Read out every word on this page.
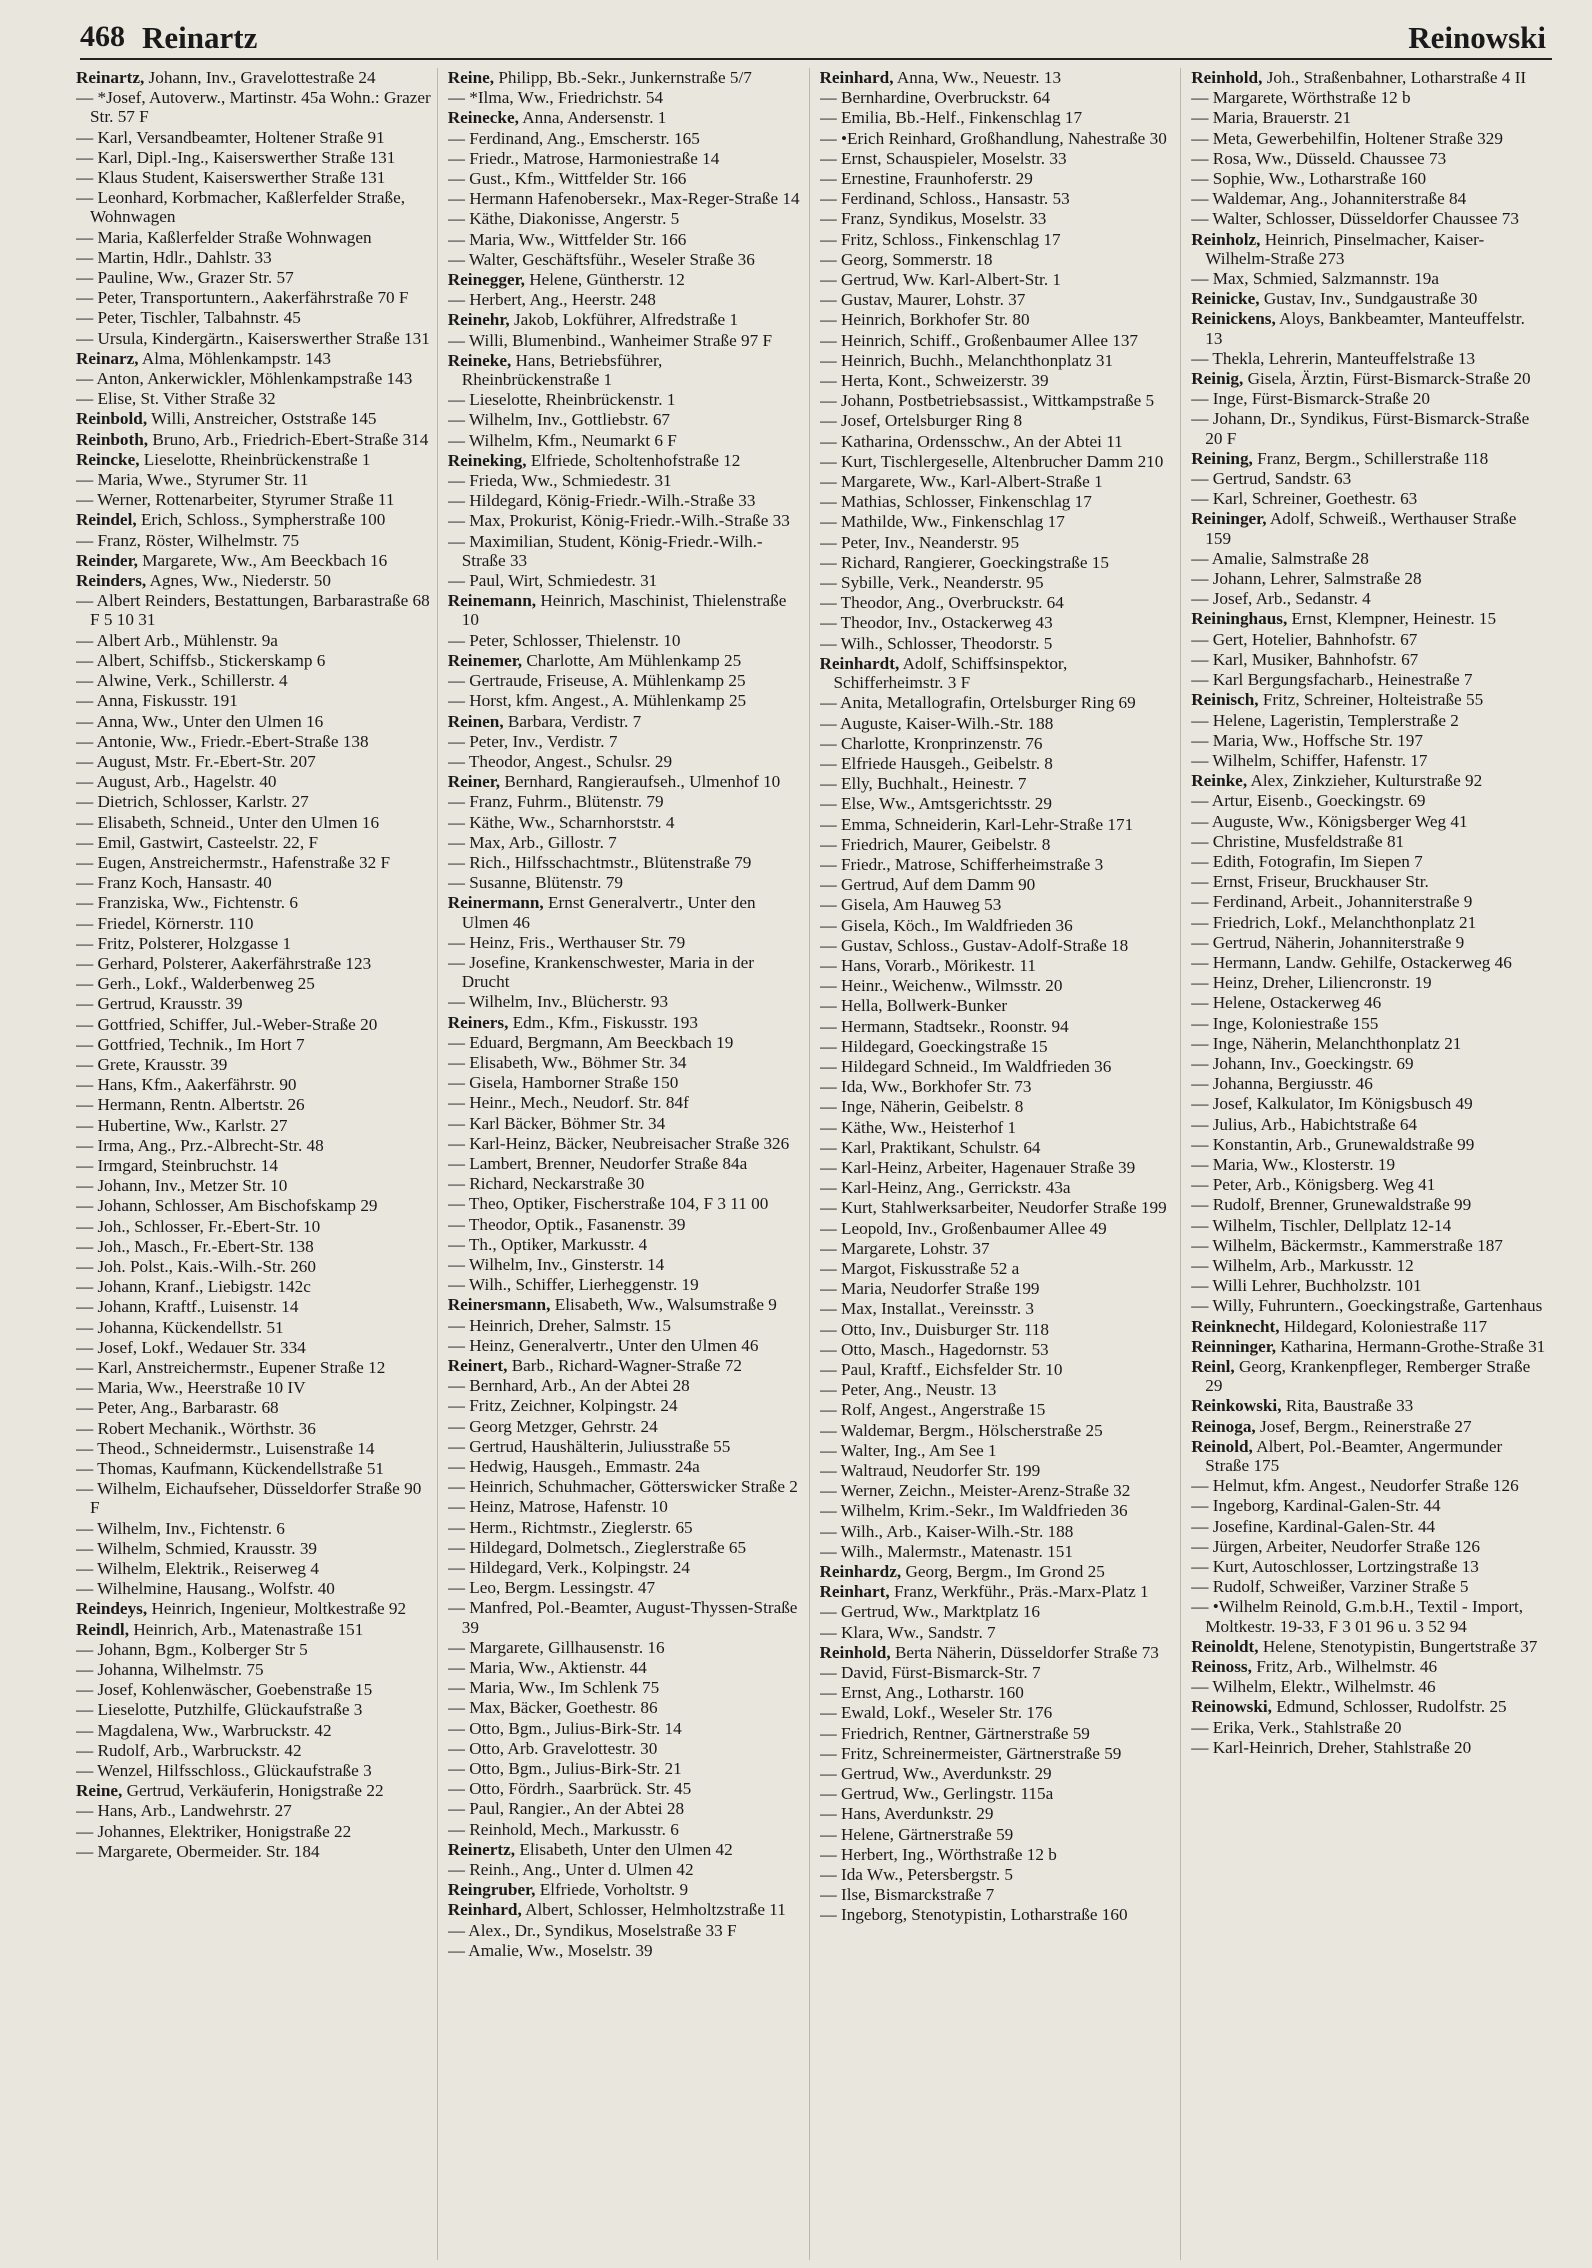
468 Reinartz	Reinowski
Reinartz, Johann, Inv., Gravelottestraße 24
— *Josef, Autoverw., Martinstr. 45a Wohn.: Grazer Str. 57 F
— Karl, Versandbeamter, Holtener Straße 91
— Karl, Dipl.-Ing., Kaiserswerther Straße 131
— Klaus Student, Kaiserswerther Straße 131
— Leonhard, Korbmacher, Kaßlerfelder Straße, Wohnwagen
— Maria, Kaßlerfelder Straße Wohnwagen
— Martin, Hdlr., Dahlstr. 33
— Pauline, Ww., Grazer Str. 57
— Peter, Transportuntern., Aakerfährstraße 70 F
— Peter, Tischler, Talbahnstr. 45
— Ursula, Kindergärtn., Kaiserswerther Straße 131
Reinarz, Alma, Möhlenkampstr. 143
— Anton, Ankerwickler, Möhlenkampstraße 143
— Elise, St. Vither Straße 32
Reinbold, Willi, Anstreicher, Oststraße 145
Reinboth, Bruno, Arb., Friedrich-Ebert-Straße 314
Reincke, Lieselotte, Rheinbrückenstraße 1
— Maria, Wwe., Styrumer Str. 11
— Werner, Rottenarbeiter, Styrumer Straße 11
Reindel, Erich, Schloss., Sympherstraße 100
— Franz, Röster, Wilhelmstr. 75
Reinder, Margarete, Ww., Am Beeckbach 16
Reinders, Agnes, Ww., Niederstr. 50
— Albert Reinders, Bestattungen, Barbarastraße 68 F 5 10 31
— Albert Arb., Mühlenstr. 9a
— Albert, Schiffsb., Stickerskamp 6
— Alwine, Verk., Schillerstr. 4
— Anna, Fiskusstr. 191
— Anna, Ww., Unter den Ulmen 16
— Antonie, Ww., Friedr.-Ebert-Straße 138
— August, Mstr. Fr.-Ebert-Str. 207
— August, Arb., Hagelstr. 40
— Dietrich, Schlosser, Karlstr. 27
— Elisabeth, Schneid., Unter den Ulmen 16
— Emil, Gastwirt, Casteelstr. 22, F
— Eugen, Anstreichermstr., Hafenstraße 32 F
— Franz Koch, Hansastr. 40
— Franziska, Ww., Fichtenstr. 6
— Friedel, Körnerstr. 110
— Fritz, Polsterer, Holzgasse 1
— Gerhard, Polsterer, Aakerfährstraße 123
— Gerh., Lokf., Walderbenweg 25
— Gertrud, Krausstr. 39
— Gottfried, Schiffer, Jul.-Weber-Straße 20
— Gottfried, Technik., Im Hort 7
— Grete, Krausstr. 39
— Hans, Kfm., Aakerfährstr. 90
— Hermann, Rentn. Albertstr. 26
— Hubertine, Ww., Karlstr. 27
— Irma, Ang., Prz.-Albrecht-Str. 48
— Irmgard, Steinbruchstr. 14
— Johann, Inv., Metzer Str. 10
— Johann, Schlosser, Am Bischofskamp 29
— Joh., Schlosser, Fr.-Ebert-Str. 10
— Joh., Masch., Fr.-Ebert-Str. 138
— Joh. Polst., Kais.-Wilh.-Str. 260
— Johann, Kranf., Liebigstr. 142c
— Johann, Kraftf., Luisenstr. 14
— Johanna, Kückendellstr. 51
— Josef, Lokf., Wedauer Str. 334
— Karl, Anstreichermstr., Eupener Straße 12
— Maria, Ww., Heerstraße 10 IV
— Peter, Ang., Barbarastr. 68
— Robert Mechanik., Wörthstr. 36
— Theod., Schneidermstr., Luisenstraße 14
— Thomas, Kaufmann, Kückendellstraße 51
— Wilhelm, Eichaufseher, Düsseldorfer Straße 90 F
— Wilhelm, Inv., Fichtenstr. 6
— Wilhelm, Schmied, Krausstr. 39
— Wilhelm, Elektrik., Reiserweg 4
— Wilhelmine, Hausang., Wolfstr. 40
Reindeys, Heinrich, Ingenieur, Moltkestraße 92
Reindl, Heinrich, Arb., Matenastraße 151
— Johann, Bgm., Kolberger Str 5
— Johanna, Wilhelmstr. 75
— Josef, Kohlenwäscher, Goebenstraße 15
— Lieselotte, Putzhilfe, Glückaufstraße 3
— Magdalena, Ww., Warbruckstr. 42
— Rudolf, Arb., Warbruckstr. 42
— Wenzel, Hilfsschloss., Glückaufstraße 3
Reine, Gertrud, Verkäuferin, Honigstraße 22
— Hans, Arb., Landwehrstr. 27
— Johannes, Elektriker, Honigstraße 22
— Margarete, Obermeider. Str. 184
Reine, Philipp, Bb.-Sekr., Junkernstraße 5/7
— *Ilma, Ww., Friedrichstr. 54
Reinecke, Anna, Andersenstr. 1
— Ferdinand, Ang., Emscherstr. 165
— Friedr., Matrose, Harmoniestraße 14
— Gust., Kfm., Wittfelder Str. 166
— Hermann Hafenobersekr., Max-Reger-Straße 14
— Käthe, Diakonisse, Angerstr. 5
— Maria, Ww., Wittfelder Str. 166
— Walter, Geschäftsführ., Weseler Straße 36
Reinegger, Helene, Güntherstr. 12
— Herbert, Ang., Heerstr. 248
Reinehr, Jakob, Lokführer, Alfredstraße 1
— Willi, Blumenbind., Wanheimer Straße 97 F
Reineke, Hans, Betriebsführer, Rheinbrückenstraße 1
— Lieselotte, Rheinbrückenstr. 1
— Wilhelm, Inv., Gottliebstr. 67
— Wilhelm, Kfm., Neumarkt 6 F
Reineking, Elfriede, Scholtenhofstraße 12
— Frieda, Ww., Schmiedestr. 31
— Hildegard, König-Friedr.-Wilh.-Straße 33
— Max, Prokurist, König-Friedr.-Wilh.-Straße 33
— Maximilian, Student, König-Friedr.-Wilh.-Straße 33
— Paul, Wirt, Schmiedestr. 31
Reinemann, Heinrich, Maschinist, Thielenstraße 10
— Peter, Schlosser, Thielenstr. 10
Reinemer, Charlotte, Am Mühlenkamp 25
— Gertraude, Friseuse, A. Mühlenkamp 25
— Horst, kfm. Angest., A. Mühlenkamp 25
Reinen, Barbara, Verdistr. 7
— Peter, Inv., Verdistr. 7
— Theodor, Angest., Schulsr. 29
Reiner, Bernhard, Rangieraufseh., Ulmenhof 10
— Franz, Fuhrm., Blütenstr. 79
— Käthe, Ww., Scharnhorststr. 4
— Max, Arb., Gillostr. 7
— Rich., Hilfsschachtmstr., Blütenstraße 79
— Susanne, Blütenstr. 79
Reinermann, Ernst Generalvertr., Unter den Ulmen 46
— Heinz, Fris., Werthauser Str. 79
— Josefine, Krankenschwester, Maria in der Drucht
— Wilhelm, Inv., Blücherstr. 93
Reiners, Edm., Kfm., Fiskusstr. 193
— Eduard, Bergmann, Am Beeckbach 19
— Elisabeth, Ww., Böhmer Str. 34
— Gisela, Hamborner Straße 150
— Heinr., Mech., Neudorf. Str. 84f
— Karl Bäcker, Böhmer Str. 34
— Karl-Heinz, Bäcker, Neubreisacher Straße 326
— Lambert, Brenner, Neudorfer Straße 84a
— Richard, Neckarstraße 30
— Theo, Optiker, Fischerstraße 104, F 3 11 00
— Theodor, Optik., Fasanenstr. 39
— Th., Optiker, Markusstr. 4
— Wilhelm, Inv., Ginsterstr. 14
— Wilh., Schiffer, Lierheggenstr. 19
Reinersmann, Elisabeth, Ww., Walsumstraße 9
— Heinrich, Dreher, Salmstr. 15
— Heinz, Generalvertr., Unter den Ulmen 46
Reinert, Barb., Richard-Wagner-Straße 72
— Bernhard, Arb., An der Abtei 28
— Fritz, Zeichner, Kolpingstr. 24
— Georg Metzger, Gehrstr. 24
— Gertrud, Haushälterin, Juliusstraße 55
— Hedwig, Hausgeh., Emmastr. 24a
— Heinrich, Schuhmacher, Götterswicker Straße 2
— Heinz, Matrose, Hafenstr. 10
— Herm., Richtmstr., Zieglerstr. 65
— Hildegard, Dolmetsch., Zieglerstraße 65
— Hildegard, Verk., Kolpingstr. 24
— Leo, Bergm. Lessingstr. 47
— Manfred, Pol.-Beamter, August-Thyssen-Straße 39
— Margarete, Gillhausenstr. 16
— Maria, Ww., Aktienstr. 44
— Maria, Ww., Im Schlenk 75
— Max, Bäcker, Goethestr. 86
— Otto, Bgm., Julius-Birk-Str. 14
— Otto, Arb. Gravelottestr. 30
— Otto, Bgm., Julius-Birk-Str. 21
— Otto, Fördrh., Saarbrück. Str. 45
— Paul, Rangier., An der Abtei 28
— Reinhold, Mech., Markusstr. 6
Reinertz, Elisabeth, Unter den Ulmen 42
— Reinh., Ang., Unter d. Ulmen 42
Reingruber, Elfriede, Vorholtstr. 9
Reinhard, Albert, Schlosser, Helmholtzstraße 11
— Alex., Dr., Syndikus, Moselstraße 33 F
— Amalie, Ww., Moselstr. 39
Reinhard, Anna, Ww., Neuestr. 13
— Bernhardine, Overbruckstr. 64
— Emilia, Bb.-Helf., Finkenschlag 17
— •Erich Reinhard, Großhandlung, Nahestraße 30
— Ernst, Schauspieler, Moselstr. 33
— Ernestine, Fraunhoferstr. 29
— Ferdinand, Schloss., Hansastr. 53
— Franz, Syndikus, Moselstr. 33
— Fritz, Schloss., Finkenschlag 17
— Georg, Sommerstr. 18
— Gertrud, Ww. Karl-Albert-Str. 1
— Gustav, Maurer, Lohstr. 37
— Heinrich, Borkhofer Str. 80
— Heinrich, Schiff., Großenbaumer Allee 137
— Heinrich, Buchh., Melanchthonplatz 31
— Herta, Kont., Schweizerstr. 39
— Johann, Postbetriebsassist., Wittkampstraße 5
— Josef, Ortelsburger Ring 8
— Katharina, Ordensschw., An der Abtei 11
— Kurt, Tischlergeselle, Altenbrucher Damm 210
— Margarete, Ww., Karl-Albert-Straße 1
— Mathias, Schlosser, Finkenschlag 17
— Mathilde, Ww., Finkenschlag 17
— Peter, Inv., Neanderstr. 95
— Richard, Rangierer, Goeckingstraße 15
— Sybille, Verk., Neanderstr. 95
— Theodor, Ang., Overbruckstr. 64
— Theodor, Inv., Ostackerweg 43
— Wilh., Schlosser, Theodorstr. 5
Reinhardt, Adolf, Schiffsinspektor, Schifferheimstr. 3 F
— Anita, Metallografin, Ortelsburger Ring 69
— Auguste, Kaiser-Wilh.-Str. 188
— Charlotte, Kronprinzenstr. 76
— Elfriede Hausgeh., Geibelstr. 8
— Elly, Buchhalt., Heinestr. 7
— Else, Ww., Amtsgerichtsstr. 29
— Emma, Schneiderin, Karl-Lehr-Straße 171
— Friedrich, Maurer, Geibelstr. 8
— Friedr., Matrose, Schifferheimstraße 3
— Gertrud, Auf dem Damm 90
— Gisela, Am Hauweg 53
— Gisela, Köch., Im Waldfrieden 36
— Gustav, Schloss., Gustav-Adolf-Straße 18
— Hans, Vorarb., Mörikestr. 11
— Heinr., Weichenw., Wilmsstr. 20
— Hella, Bollwerk-Bunker
— Hermann, Stadtsekr., Roonstr. 94
— Hildegard, Goeckingstraße 15
— Hildegard Schneid., Im Waldfrieden 36
— Ida, Ww., Borkhofer Str. 73
— Inge, Näherin, Geibelstr. 8
— Käthe, Ww., Heisterhof 1
— Karl, Praktikant, Schulstr. 64
— Karl-Heinz, Arbeiter, Hagenauer Straße 39
— Karl-Heinz, Ang., Gerrickstr. 43a
— Kurt, Stahlwerksarbeiter, Neudorfer Straße 199
— Leopold, Inv., Großenbaumer Allee 49
— Margarete, Lohstr. 37
— Margot, Fiskusstraße 52 a
— Maria, Neudorfer Straße 199
— Max, Installat., Vereinsstr. 3
— Otto, Inv., Duisburger Str. 118
— Otto, Masch., Hagedornstr. 53
— Paul, Kraftf., Eichsfelder Str. 10
— Peter, Ang., Neustr. 13
— Rolf, Angest., Angerstraße 15
— Waldemar, Bergm., Hölscherstraße 25
— Walter, Ing., Am See 1
— Waltraud, Neudorfer Str. 199
— Werner, Zeichn., Meister-Arenz-Straße 32
— Wilhelm, Krim.-Sekr., Im Waldfrieden 36
— Wilh., Arb., Kaiser-Wilh.-Str. 188
— Wilh., Malermstr., Matenastr. 151
Reinhardz, Georg, Bergm., Im Grond 25
Reinhart, Franz, Werkführ., Präs.-Marx-Platz 1
— Gertrud, Ww., Marktplatz 16
— Klara, Ww., Sandstr. 7
Reinhold, Berta Näherin, Düsseldorfer Straße 73
— David, Fürst-Bismarck-Str. 7
— Ernst, Ang., Lotharstr. 160
— Ewald, Lokf., Weseler Str. 176
— Friedrich, Rentner, Gärtnerstraße 59
— Fritz, Schreinermeister, Gärtnerstraße 59
— Gertrud, Ww., Averdunkstr. 29
— Gertrud, Ww., Gerlingstr. 115a
— Hans, Averdunkstr. 29
— Helene, Gärtnerstraße 59
— Herbert, Ing., Wörthstraße 12 b
— Ida Ww., Petersbergstr. 5
— Ilse, Bismarckstraße 7
— Ingeborg, Stenotypistin, Lotharstraße 160
Reinhold, Joh., Straßenbahner, Lotharstraße 4 II
— Margarete, Wörthstraße 12 b
— Maria, Brauerstr. 21
— Meta, Gewerbehilfin, Holtener Straße 329
— Rosa, Ww., Düsseld. Chaussee 73
— Sophie, Ww., Lotharstraße 160
— Waldemar, Ang., Johanniterstraße 84
— Walter, Schlosser, Düsseldorfer Chaussee 73
Reinholz, Heinrich, Pinselmacher, Kaiser-Wilhelm-Straße 273
— Max, Schmied, Salzmannstr. 19a
Reinicke, Gustav, Inv., Sundgaustraße 30
Reinickens, Aloys, Bankbeamter, Manteuffelstr. 13
— Thekla, Lehrerin, Manteuffelstraße 13
Reinig, Gisela, Ärztin, Fürst-Bismarck-Straße 20
— Inge, Fürst-Bismarck-Straße 20
— Johann, Dr., Syndikus, Fürst-Bismarck-Straße 20 F
Reining, Franz, Bergm., Schillerstraße 118
— Gertrud, Sandstr. 63
— Karl, Schreiner, Goethestr. 63
Reininger, Adolf, Schweiß., Werthauser Straße 159
— Amalie, Salmstraße 28
— Johann, Lehrer, Salmstraße 28
— Josef, Arb., Sedanstr. 4
Reininghaus, Ernst, Klempner, Heinestr. 15
— Gert, Hotelier, Bahnhofstr. 67
— Karl, Musiker, Bahnhofstr. 67
— Karl Bergungsfacharb., Heinestraße 7
Reinisch, Fritz, Schreiner, Holteistraße 55
— Helene, Lageristin, Templerstraße 2
— Maria, Ww., Hoffsche Str. 197
— Wilhelm, Schiffer, Hafenstr. 17
Reinke, Alex, Zinkzieher, Kulturstraße 92
— Artur, Eisenb., Goeckingstr. 69
— Auguste, Ww., Königsberger Weg 41
— Christine, Musfeldstraße 81
— Edith, Fotografin, Im Siepen 7
— Ernst, Friseur, Bruckhauser Str.
— Ferdinand, Arbeit., Johanniterstraße 9
— Friedrich, Lokf., Melanchthonplatz 21
— Gertrud, Näherin, Johanniterstraße 9
— Hermann, Landw. Gehilfe, Ostackerweg 46
— Heinz, Dreher, Liliencronstr. 19
— Helene, Ostackerweg 46
— Inge, Koloniestraße 155
— Inge, Näherin, Melanchthonplatz 21
— Johann, Inv., Goeckingstr. 69
— Johanna, Bergiusstr. 46
— Josef, Kalkulator, Im Königsbusch 49
— Julius, Arb., Habichtstraße 64
— Konstantin, Arb., Grunewaldstraße 99
— Maria, Ww., Klosterstr. 19
— Peter, Arb., Königsberg. Weg 41
— Rudolf, Brenner, Grunewaldstraße 99
— Wilhelm, Tischler, Dellplatz 12-14
— Wilhelm, Bäckermstr., Kammerstraße 187
— Wilhelm, Arb., Markusstr. 12
— Willi Lehrer, Buchholzstr. 101
— Willy, Fuhruntern., Goeckingstraße, Gartenhaus
Reinknecht, Hildegard, Koloniestraße 117
Reinninger, Katharina, Hermann-Grothe-Straße 31
Reinl, Georg, Krankenpfleger, Remberger Straße 29
Reinkowski, Rita, Baustraße 33
Reinoga, Josef, Bergm., Reinerstraße 27
Reinold, Albert, Pol.-Beamter, Angermunder Straße 175
— Helmut, kfm. Angest., Neudorfer Straße 126
— Ingeborg, Kardinal-Galen-Str. 44
— Josefine, Kardinal-Galen-Str. 44
— Jürgen, Arbeiter, Neudorfer Straße 126
— Kurt, Autoschlosser, Lortzingstraße 13
— Rudolf, Schweißer, Varziner Straße 5
— •Wilhelm Reinold, G.m.b.H., Textil - Import, Moltkestr. 19-33, F 3 01 96 u. 3 52 94
Reinoldt, Helene, Stenotypistin, Bungertstraße 37
Reinoss, Fritz, Arb., Wilhelmstr. 46
— Wilhelm, Elektr., Wilhelmstr. 46
Reinowski, Edmund, Schlosser, Rudolfstr. 25
— Erika, Verk., Stahlstraße 20
— Karl-Heinrich, Dreher, Stahlstraße 20
